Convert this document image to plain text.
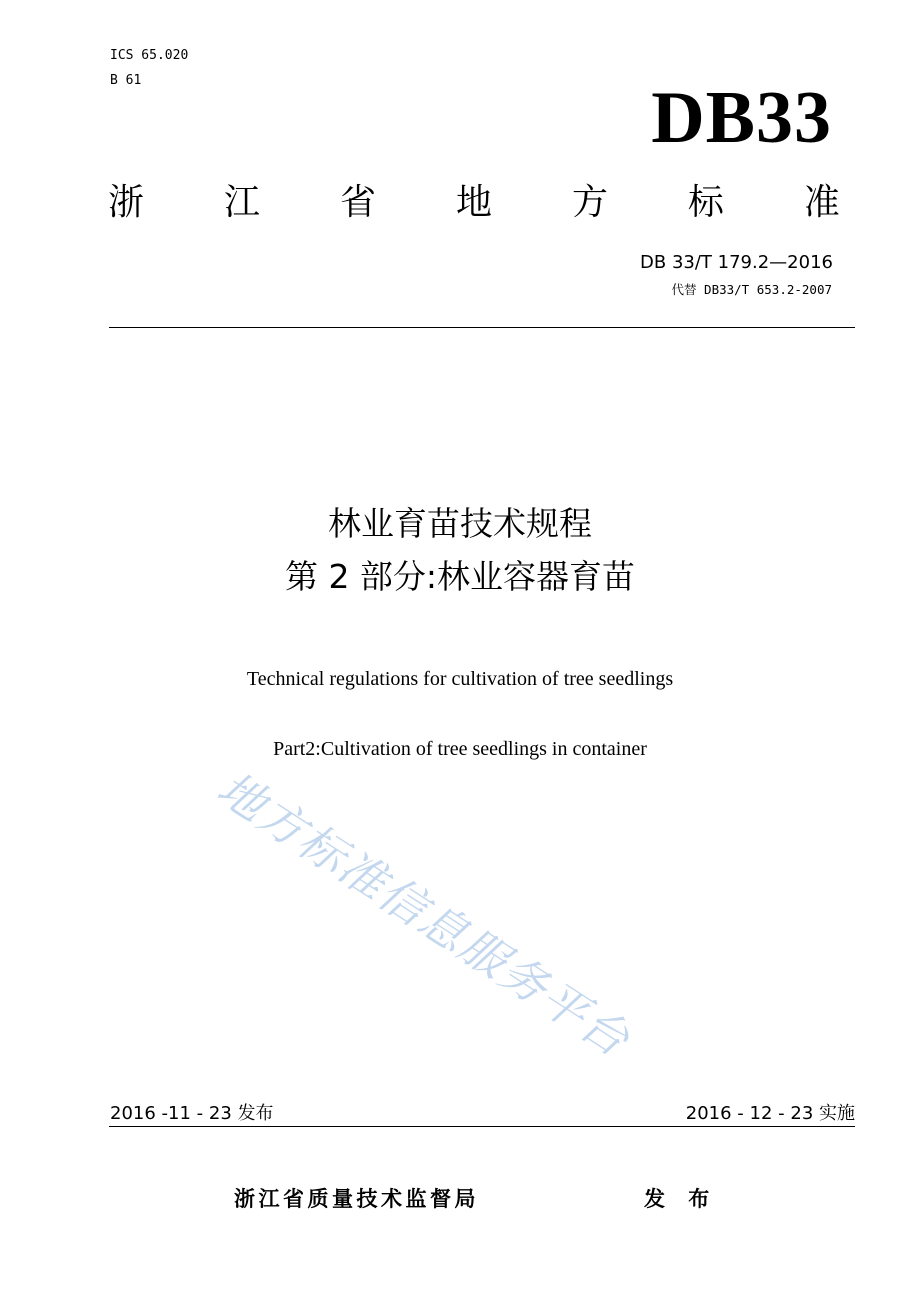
ICS 65.020
B 61	DB33
浙 江 省 地 方 标 准
DB 33/T 179.2—2016
代替 DB33/T 653.2-2007
林业育苗技术规程
第 2 部分:林业容器育苗
Technical regulations for cultivation of tree seedlings
Part2:Cultivation of tree seedlings in container
地方标准信息服务平台
2016 -11 - 23 发布	2016 - 12 - 23 实施
浙江省质量技术监督局	发 布
